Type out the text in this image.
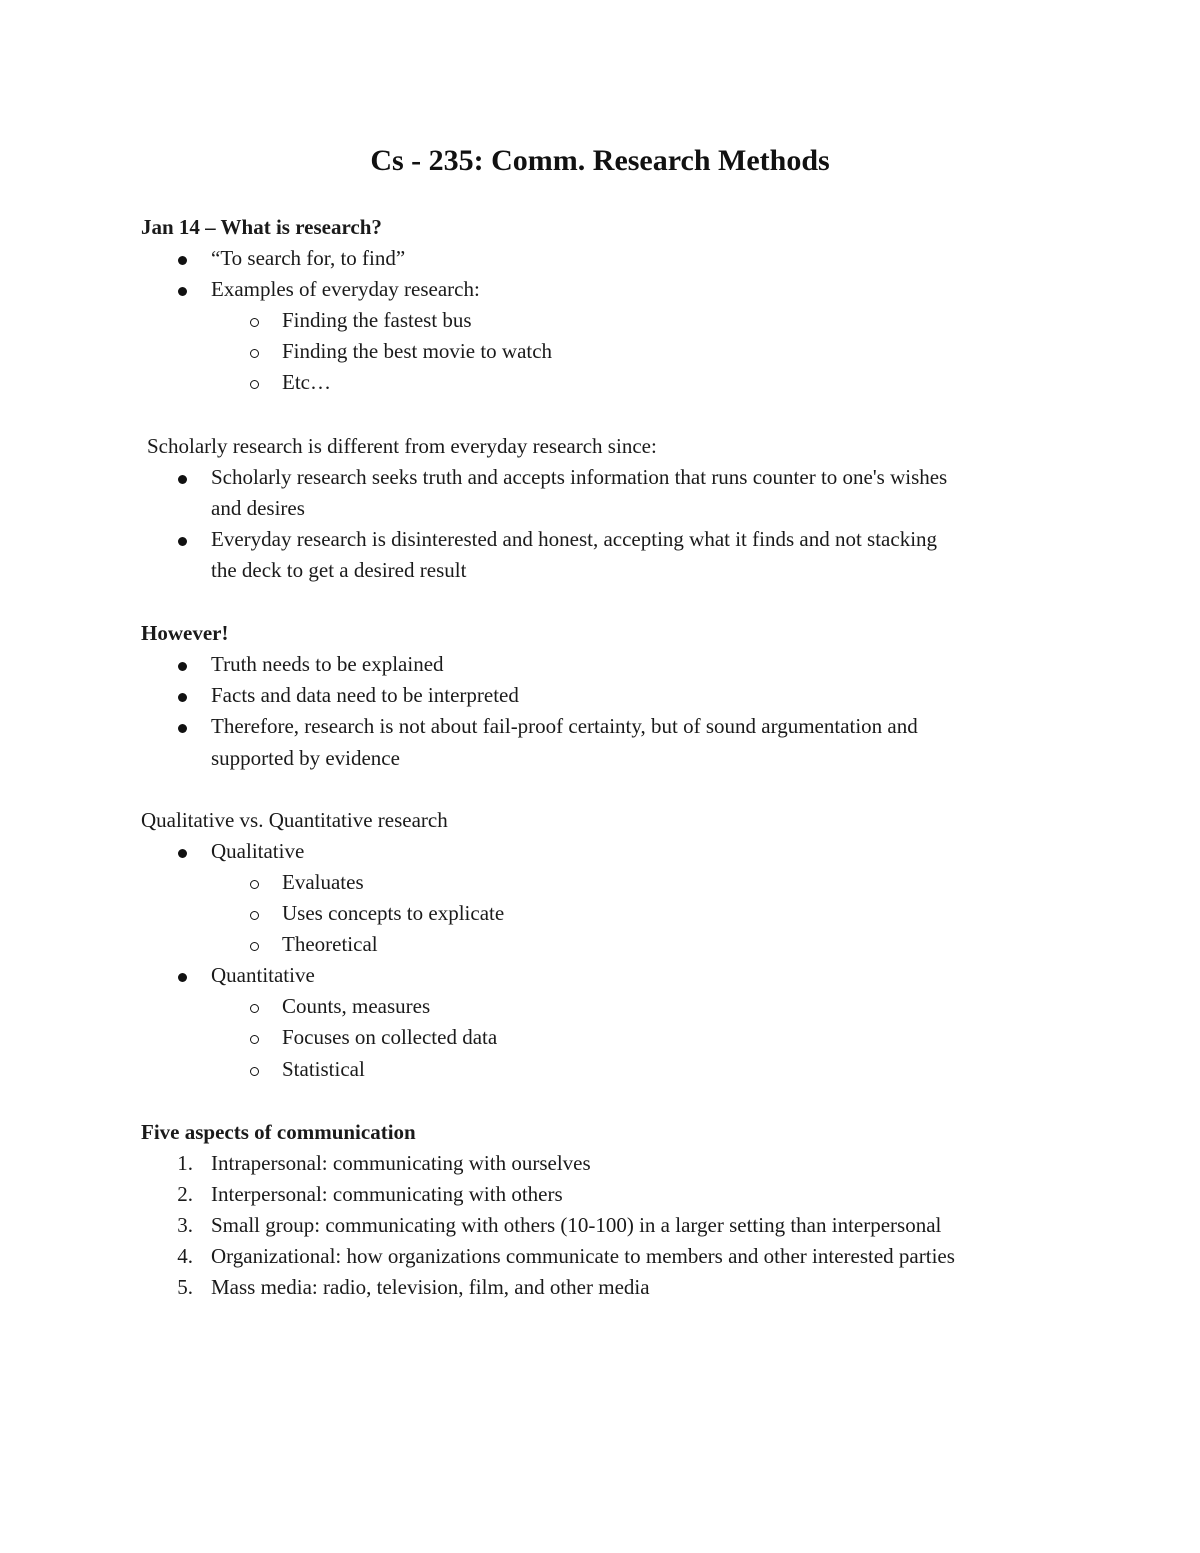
Cs - 235: Comm. Research Methods
Jan 14 – What is research?
“To search for, to find”
Examples of everyday research:
Finding the fastest bus
Finding the best movie to watch
Etc…
Scholarly research is different from everyday research since:
Scholarly research seeks truth and accepts information that runs counter to one's wishes
and desires
Everyday research is disinterested and honest, accepting what it finds and not stacking
the deck to get a desired result
However!
Truth needs to be explained
Facts and data need to be interpreted
Therefore, research is not about fail-proof certainty, but of sound argumentation and
supported by evidence
Qualitative vs. Quantitative research
Qualitative
Evaluates
Uses concepts to explicate
Theoretical
Quantitative
Counts, measures
Focuses on collected data
Statistical
Five aspects of communication
1. Intrapersonal: communicating with ourselves
2. Interpersonal: communicating with others
3. Small group: communicating with others (10-100) in a larger setting than interpersonal
4. Organizational: how organizations communicate to members and other interested parties
5. Mass media: radio, television, film, and other media
